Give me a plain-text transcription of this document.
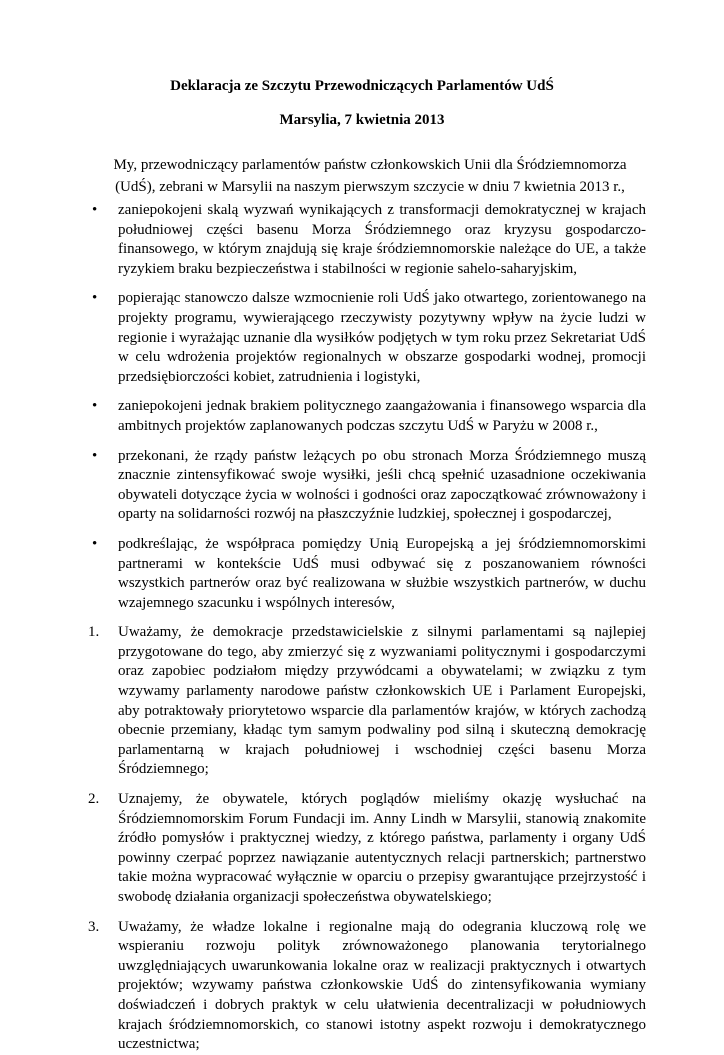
Deklaracja ze Szczytu Przewodniczących Parlamentów UdŚ
Marsylia, 7 kwietnia 2013
My, przewodniczący parlamentów państw członkowskich Unii dla Śródziemnomorza (UdŚ), zebrani w Marsylii na naszym pierwszym szczycie w dniu 7 kwietnia 2013 r.,
•	zaniepokojeni skalą wyzwań wynikających z transformacji demokratycznej w krajach południowej części basenu Morza Śródziemnego oraz kryzysu gospodarczo-finansowego, w którym znajdują się kraje śródziemnomorskie należące do UE, a także ryzykiem braku bezpieczeństwa i stabilności w regionie sahelo-saharyjskim,
•	popierając stanowczo dalsze wzmocnienie roli UdŚ jako otwartego, zorientowanego na projekty programu, wywierającego rzeczywisty pozytywny wpływ na życie ludzi w regionie i wyrażając uznanie dla wysiłków podjętych w tym roku przez Sekretariat UdŚ w celu wdrożenia projektów regionalnych w obszarze gospodarki wodnej, promocji przedsiębiorczości kobiet, zatrudnienia i logistyki,
•	zaniepokojeni jednak brakiem politycznego zaangażowania i finansowego wsparcia dla ambitnych projektów zaplanowanych podczas szczytu UdŚ w Paryżu w 2008 r.,
•	przekonani, że rządy państw leżących po obu stronach Morza Śródziemnego muszą znacznie zintensyfikować swoje wysiłki, jeśli chcą spełnić uzasadnione oczekiwania obywateli dotyczące życia w wolności i godności oraz zapoczątkować zrównoważony i oparty na solidarności rozwój na płaszczyźnie ludzkiej, społecznej i gospodarczej,
•	podkreślając, że współpraca pomiędzy Unią Europejską a jej śródziemnomorskimi partnerami w kontekście UdŚ musi odbywać się z poszanowaniem równości wszystkich partnerów oraz być realizowana w służbie wszystkich partnerów, w duchu wzajemnego szacunku i wspólnych interesów,
1.	Uważamy, że demokracje przedstawicielskie z silnymi parlamentami są najlepiej przygotowane do tego, aby zmierzyć się z wyzwaniami politycznymi i gospodarczymi oraz zapobiec podziałom między przywódcami a obywatelami; w związku z tym wzywamy parlamenty narodowe państw członkowskich UE i Parlament Europejski, aby potraktowały priorytetowo wsparcie dla parlamentów krajów, w których zachodzą obecnie przemiany, kładąc tym samym podwaliny pod silną i skuteczną demokrację parlamentarną w krajach południowej i wschodniej części basenu Morza Śródziemnego;
2.	Uznajemy, że obywatele, których poglądów mieliśmy okazję wysłuchać na Śródziemnomorskim Forum Fundacji im. Anny Lindh w Marsylii, stanowią znakomite źródło pomysłów i praktycznej wiedzy, z którego państwa, parlamenty i organy UdŚ powinny czerpać poprzez nawiązanie autentycznych relacji partnerskich; partnerstwo takie można wypracować wyłącznie w oparciu o przepisy gwarantujące przejrzystość i swobodę działania organizacji społeczeństwa obywatelskiego;
3.	Uważamy, że władze lokalne i regionalne mają do odegrania kluczową rolę we wspieraniu rozwoju polityk zrównoważonego planowania terytorialnego uwzględniających uwarunkowania lokalne oraz w realizacji praktycznych i otwartych projektów; wzywamy państwa członkowskie UdŚ do zintensyfikowania wymiany doświadczeń i dobrych praktyk w celu ułatwienia decentralizacji w południowych krajach śródziemnomorskich, co stanowi istotny aspekt rozwoju i demokratycznego uczestnictwa;
